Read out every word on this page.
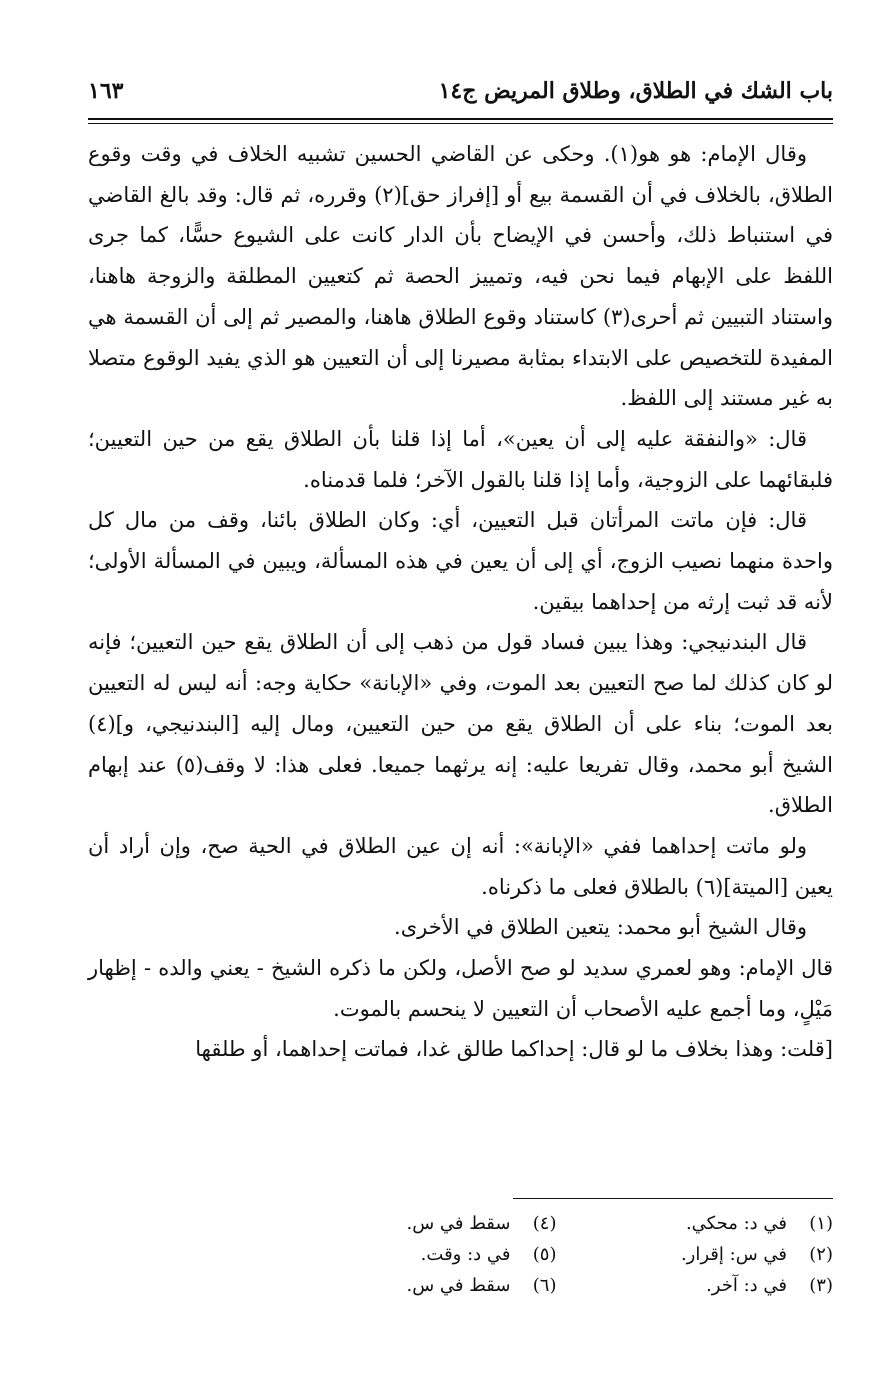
باب الشك في الطلاق، وطلاق المريض ج١٤
١٦٣

وقال الإمام: هو هو(١). وحكى عن القاضي الحسين تشبيه الخلاف في وقت وقوع الطلاق، بالخلاف في أن القسمة بيع أو [إفراز حق](٢) وقرره، ثم قال: وقد بالغ القاضي في استنباط ذلك، وأحسن في الإيضاح بأن الدار كانت على الشيوع حسًّا، كما جرى اللفظ على الإبهام فيما نحن فيه، وتمييز الحصة ثم كتعيين المطلقة والزوجة هاهنا، واستناد التبيين ثم أحرى(٣) كاستناد وقوع الطلاق هاهنا، والمصير ثم إلى أن القسمة هي المفيدة للتخصيص على الابتداء بمثابة مصيرنا إلى أن التعيين هو الذي يفيد الوقوع متصلا به غير مستند إلى اللفظ.

قال: «والنفقة عليه إلى أن يعين»، أما إذا قلنا بأن الطلاق يقع من حين التعيين؛ فلبقائهما على الزوجية، وأما إذا قلنا بالقول الآخر؛ فلما قدمناه.

قال: فإن ماتت المرأتان قبل التعيين، أي: وكان الطلاق بائنا، وقف من مال كل واحدة منهما نصيب الزوج، أي إلى أن يعين في هذه المسألة، ويبين في المسألة الأولى؛ لأنه قد ثبت إرثه من إحداهما بيقين.

قال البندنيجي: وهذا يبين فساد قول من ذهب إلى أن الطلاق يقع حين التعيين؛ فإنه لو كان كذلك لما صح التعيين بعد الموت، وفي «الإبانة» حكاية وجه: أنه ليس له التعيين بعد الموت؛ بناء على أن الطلاق يقع من حين التعيين، ومال إليه [البندنيجي، و](٤) الشيخ أبو محمد، وقال تفريعا عليه: إنه يرثهما جميعا. فعلى هذا: لا وقف(٥) عند إبهام الطلاق.

ولو ماتت إحداهما ففي «الإبانة»: أنه إن عين الطلاق في الحية صح، وإن أراد أن يعين [الميتة](٦) بالطلاق فعلى ما ذكرناه.

وقال الشيخ أبو محمد: يتعين الطلاق في الأخرى.

قال الإمام: وهو لعمري سديد لو صح الأصل، ولكن ما ذكره الشيخ - يعني والده - إظهار مَيْلٍ، وما أجمع عليه الأصحاب أن التعيين لا ينحسم بالموت.

[قلت: وهذا بخلاف ما لو قال: إحداكما طالق غدا، فماتت إحداهما، أو طلقها

(١)في د: محكي.
(٢)في س: إقرار.
(٣)في د: آخر.
(٤)سقط في س.
(٥)في د: وقت.
(٦)سقط في س.
